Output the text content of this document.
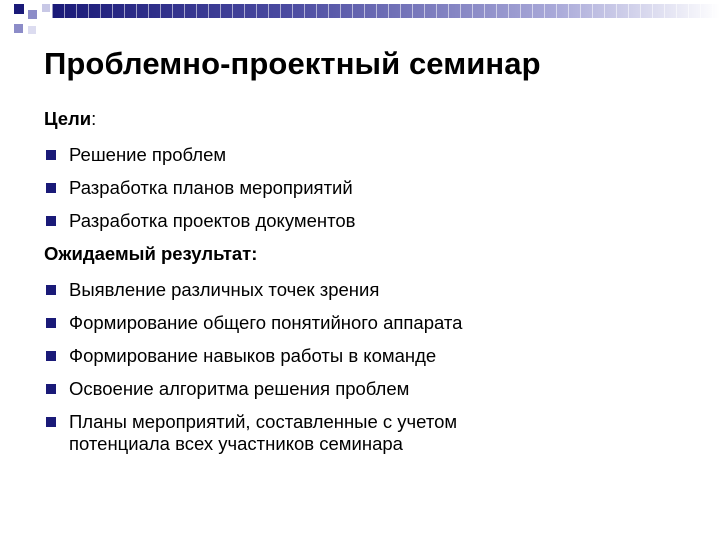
Проблемно-проектный семинар
Цели:
Решение проблем
Разработка планов мероприятий
Разработка проектов документов
Ожидаемый результат:
Выявление различных точек зрения
Формирование общего понятийного аппарата
Формирование навыков работы в команде
Освоение алгоритма решения проблем
Планы мероприятий, составленные с учетом потенциала всех участников семинара
